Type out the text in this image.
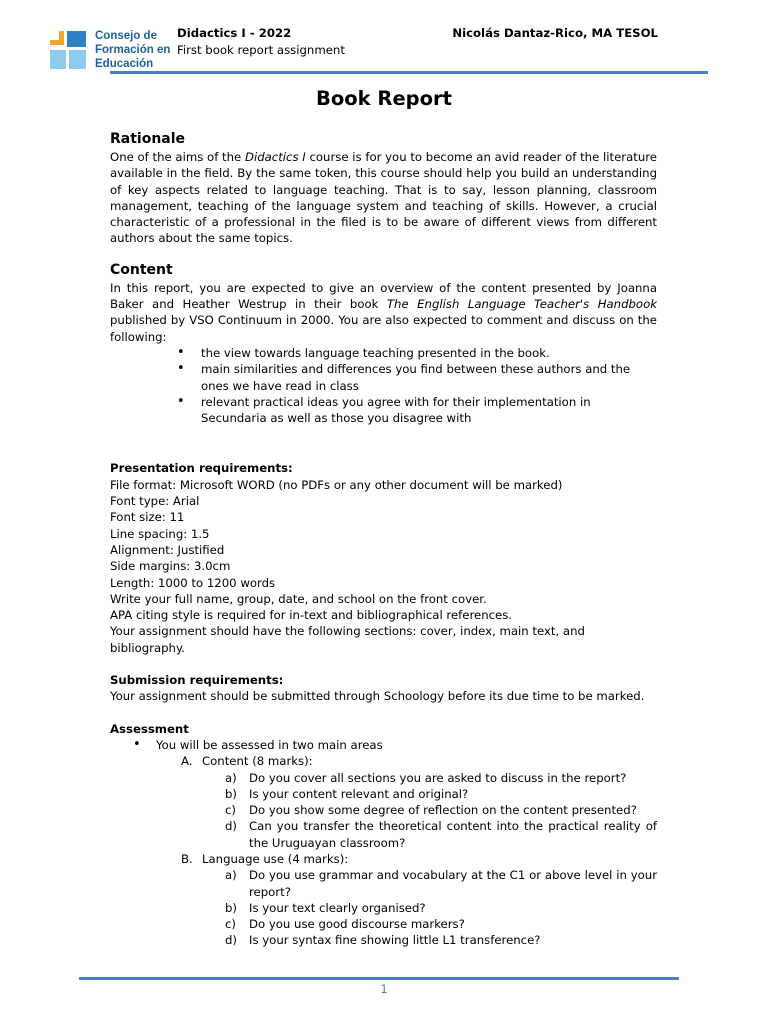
Consejo de
Formación en
Educación
Didactics I - 2022
First book report assignment
Nicolás Dantaz-Rico, MA TESOL
Book Report
Rationale

One of the aims of the Didactics I course is for you to become an avid reader of the literature available in the field. By the same token, this course should help you build an understanding of key aspects related to language teaching. That is to say, lesson planning, classroom management, teaching of the language system and teaching of skills. However, a crucial characteristic of a professional in the filed is to be aware of different views from different authors about the same topics.

Content

In this report, you are expected to give an overview of the content presented by Joanna Baker and Heather Westrup in their book The English Language Teacher's Handbook published by VSO Continuum in 2000. You are also expected to comment and discuss on the following:

• the view towards language teaching presented in the book.
• main similarities and differences you find between these authors and the ones we have read in class
• relevant practical ideas you agree with for their implementation in Secundaria as well as those you disagree with

Presentation requirements:

File format: Microsoft WORD (no PDFs or any other document will be marked)

Font type: Arial

Font size: 11

Line spacing: 1.5

Alignment: Justified

Side margins: 3.0cm

Length: 1000 to 1200 words

Write your full name, group, date, and school on the front cover.

APA citing style is required for in-text and bibliographical references.

Your assignment should have the following sections: cover, index, main text, and bibliography.

Submission requirements:

Your assignment should be submitted through Schoology before its due time to be marked.

Assessment

• You will be assessed in two main areas

A. Content (8 marks):

a) Do you cover all sections you are asked to discuss in the report?

b) Is your content relevant and original?

c) Do you show some degree of reflection on the content presented?

d) Can you transfer the theoretical content into the practical reality of the Uruguayan classroom?

B. Language use (4 marks):

a) Do you use grammar and vocabulary at the C1 or above level in your report?

b) Is your text clearly organised?

c) Do you use good discourse markers?

d) Is your syntax fine showing little L1 transference?

1
